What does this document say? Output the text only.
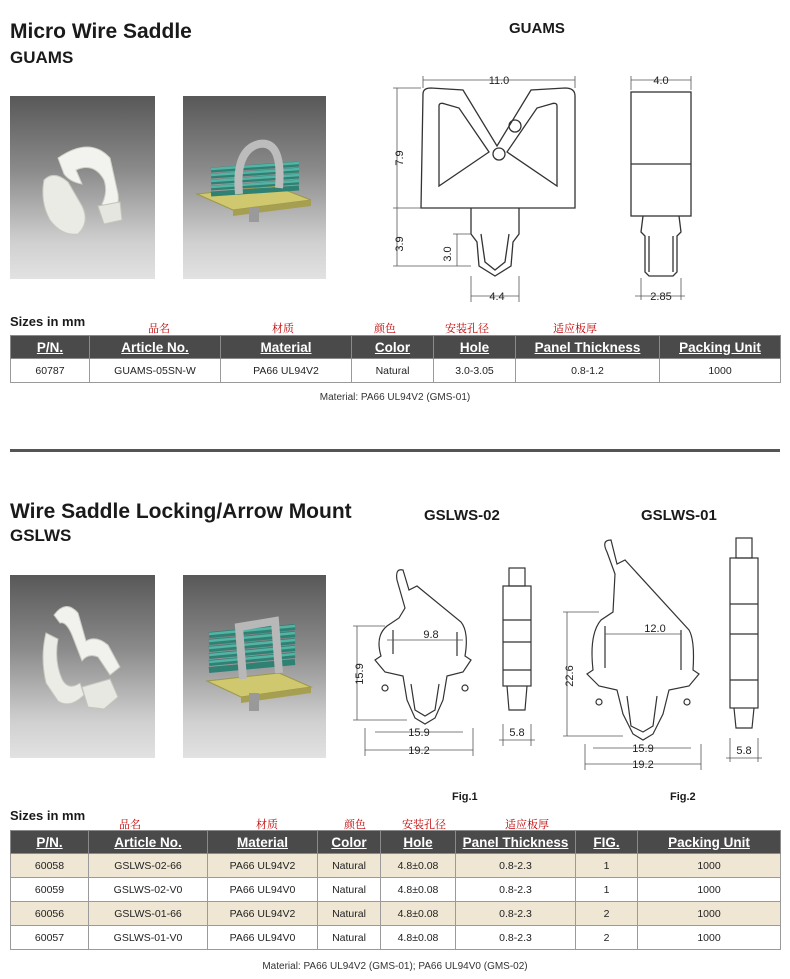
Micro Wire Saddle
GUAMS
GUAMS
11.0
7.9
3.9
3.0
4.4
4.0
2.85
Sizes in mm	品名	材质	颜色	安装孔径	适应板厚
P/N.	Article No.	Material	Color	Hole	Panel Thickness	Packing Unit
60787	GUAMS-05SN-W	PA66 UL94V2	Natural	3.0-3.05	0.8-1.2	1000
Material: PA66 UL94V2 (GMS-01)
Wire Saddle Locking/Arrow Mount
GSLWS
GSLWS-02	GSLWS-01
9.8
15.9
15.9
19.2
5.8
12.0
22.6
15.9
19.2
5.8
Fig.1	Fig.2
Sizes in mm
品名	材质	颜色	安装孔径	适应板厚
P/N.	Article No.	Material	Color	Hole	Panel Thickness	FIG.	Packing Unit
60058	GSLWS-02-66	PA66 UL94V2	Natural	4.8±0.08	0.8-2.3	1	1000
60059	GSLWS-02-V0	PA66 UL94V0	Natural	4.8±0.08	0.8-2.3	1	1000
60056	GSLWS-01-66	PA66 UL94V2	Natural	4.8±0.08	0.8-2.3	2	1000
60057	GSLWS-01-V0	PA66 UL94V0	Natural	4.8±0.08	0.8-2.3	2	1000
Material: PA66 UL94V2 (GMS-01); PA66 UL94V0 (GMS-02)
